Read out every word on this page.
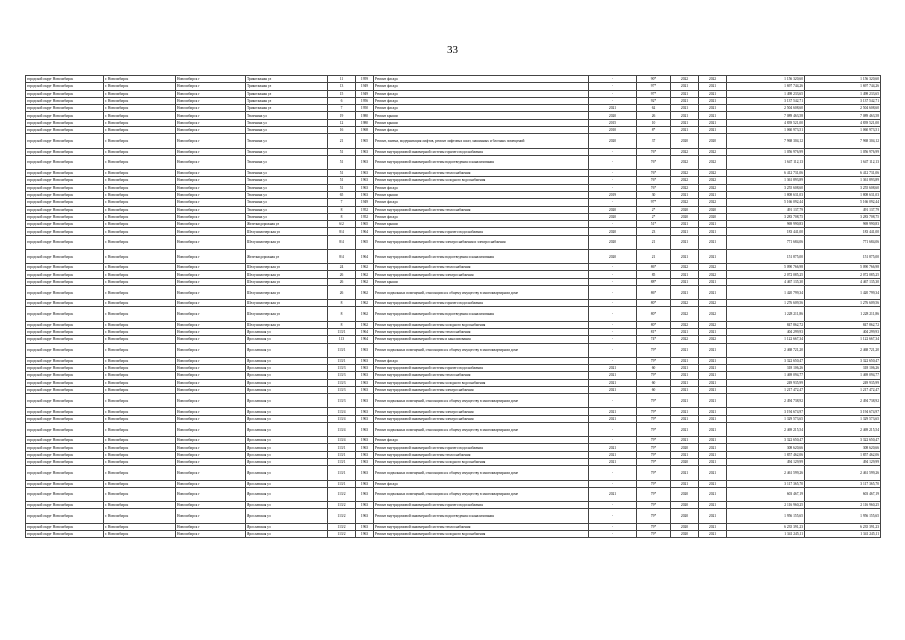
33
городской округ Новосибирск	г. Новосибирск	Новосибирск г	Трикотажная ул	11	1959	Ремонт фасада	-	90*	2022	2022	1 156 320,60	1 156 320,60
городской округ Новосибирск	г. Новосибирск	Новосибирск г	Трикотажная ул	13	1949	Ремонт фасада	-	97*	2021	2021	1 697 744,26	1 697 744,26
городской округ Новосибирск	г. Новосибирск	Новосибирск г	Трикотажная ул	15	1949	Ремонт фасада	-	97*	2021	2021	1 498 233,65	1 498 233,65
городской округ Новосибирск	г. Новосибирск	Новосибирск г	Трикотажная ул	6	1956	Ремонт фасада	-	92*	2021	2021	3 137 542,71	3 137 542,71
городской округ Новосибирск	г. Новосибирск	Новосибирск г	Трикотажная ул	7	1950	Ремонт фасада	2021	62	2021	2021	2 504 608,60	2 504 608,60
городской округ Новосибирск	г. Новосибирск	Новосибирск г	Тюленина ул	19	1980	Ремонт крыши	2020	26	2021	2021	7 089 463,58	7 089 463,58
городской округ Новосибирск	г. Новосибирск	Новосибирск г	Тюленина ул	12	1980	Ремонт крыши	2015	10	2021	2021	4 839 521,00	4 839 521,00
городской округ Новосибирск	г. Новосибирск	Новосибирск г	Тюленина ул	16	1968	Ремонт фасада	2010	8*	2021	2021	1 060 973,51	1 060 973,51
городской округ Новосибирск	г. Новосибирск	Новосибирск г	Тюленина ул	21	1965	Ремонт, замена, модернизация лифтов, ремонт лифтовых шахт, машинных и блочных помещений	2020	37	2020	2020	7 968 304,12	7 968 304,12
городской округ Новосибирск	г. Новосибирск	Новосибирск г	Тюленина ул	51	1963	Ремонт внутридомовой инженерной системы горячего водоснабжения	-	76*	2022	2022	1 056 976,99	1 056 976,99
городской округ Новосибирск	г. Новосибирск	Новосибирск г	Тюленина ул	51	1963	Ремонт внутридомовой инженерной системы водоотведения и канализования	-	76*	2022	2022	1 647 112,13	1 647 112,13
городской округ Новосибирск	г. Новосибирск	Новосибирск г	Тюленина ул	51	1963	Ремонт внутридомовой инженерной системы теплоснабжения	-	76*	2022	2022	6 412 731,06	6 412 731,06
городской округ Новосибирск	г. Новосибирск	Новосибирск г	Тюленина ул	51	1963	Ремонт внутридомовой инженерной системы холодного водоснабжения	-	76*	2022	2022	1 361 893,89	1 361 893,89
городской округ Новосибирск	г. Новосибирск	Новосибирск г	Тюленина ул	51	1963	Ремонт фасада	-	76*	2022	2022	3 255 608,60	3 255 608,60
городской округ Новосибирск	г. Новосибирск	Новосибирск г	Тюленина ул	65	1963	Ремонт крыши	2019	30	2021	2021	1 808 631,03	1 808 631,03
городской округ Новосибирск	г. Новосибирск	Новосибирск г	Тюленина ул	7	1949	Ремонт фасада	-	97*	2022	2022	5 166 092,44	5 166 092,44
городской округ Новосибирск	г. Новосибирск	Новосибирск г	Тюленина ул	8	1952	Ремонт внутридомовой инженерной системы теплоснабжения	2020	2*	2020	2020	491 137,79	491 137,79
городской округ Новосибирск	г. Новосибирск	Новосибирск г	Тюленина ул	8	1952	Ремонт фасада	2020	2*	2020	2020	3 283 708,75	3 283 708,75
городской округ Новосибирск	г. Новосибирск	Новосибирск г	Железнодорожная ул	6/2	1965	Ремонт крыши	-	51*	2021	2021	969 990,83	969 990,83
городской округ Новосибирск	г. Новосибирск	Новосибирск г	Шелушилочерская ул	8/4	1964	Ремонт внутридомовой инженерной системы горячего водоснабжения	2020	23	2021	2021	183 441,00	183 441,00
городской округ Новосибирск	г. Новосибирск	Новосибирск г	Шелушилочерская ул	8/4	1965	Ремонт внутридомовой инженерной системы электроснабжения и электроснабжения	2020	21	2021	2021	771 684,06	771 684,06
городской округ Новосибирск	г. Новосибирск	Новосибирск г	Железнодорожная ул	8/4	1964	Ремонт внутридомовой инженерной системы водоотведения и канализования	2020	21	2021	2021	151 875,00	151 875,00
городской округ Новосибирск	г. Новосибирск	Новосибирск г	Шелушилочерская ул	24	1962	Ремонт внутридомовой инженерной системы теплоснабжения	-	86*	2022	2022	5 090 766,98	5 090 766,98
городской округ Новосибирск	г. Новосибирск	Новосибирск г	Шелушилочерская ул	26	1962	Ремонт внутридомовой инженерной системы электроснабжения	-	85	2021	2022	2 072 085,25	2 072 085,25
городской округ Новосибирск	г. Новосибирск	Новосибирск г	Шелушилочерская ул	26	1962	Ремонт крыши	-	88*	2021	2021	4 467 135,30	4 467 135,30
городской округ Новосибирск	г. Новосибирск	Новосибирск г	Шелушилочерская ул	26	1962	Ремонт подвальных помещений, относящихся к общему имуществу в многоквартирном доме	-	86*	2021	2021	1 420 799,34	1 420 799,34
городской округ Новосибирск	г. Новосибирск	Новосибирск г	Шелушилочерская ул	8	1962	Ремонт внутридомовой инженерной системы горячего водоснабжения	-	80*	2022	2022	1 276 609,56	1 276 609,56
городской округ Новосибирск	г. Новосибирск	Новосибирск г	Шелушилочерская ул	8	1962	Ремонт внутридомовой инженерной системы водоотведения и канализования	-	80*	2022	2022	1 228 211,86	1 228 211,86
городской округ Новосибирск	г. Новосибирск	Новосибирск г	Шелушилочерская ул	8	1962	Ремонт внутридомовой инженерной системы холодного водоснабжения	-	80*	2022	2022	847 862,72	847 862,72
городской округ Новосибирск	г. Новосибирск	Новосибирск г	Ярославская ул	113/1	1964	Ремонт внутридомовой инженерной системы теплоснабжения	-	81*	2021	2021	404 299,93	404 299,93
городской округ Новосибирск	г. Новосибирск	Новосибирск г	Ярославская ул	113	1964	Ремонт внутридомовой инженерной системы и канализования	-	74*	2022	2022	1 122 667,34	1 122 667,34
городской округ Новосибирск	г. Новосибирск	Новосибирск г	Ярославская ул	113/1	1963	Ремонт подвальных помещений, относящихся к общему имуществу в многоквартирном доме	-	79*	2021	2021	2 468 721,20	2 468 721,20
городской округ Новосибирск	г. Новосибирск	Новосибирск г	Ярославская ул	113/1	1963	Ремонт фасада	-	79*	2021	2021	3 322 650,47	3 322 650,47
городской округ Новосибирск	г. Новосибирск	Новосибирск г	Ярославская ул	113/3	1963	Ремонт внутридомовой инженерной системы горячего водоснабжения	2021	60	2021	2021	318 106,26	318 106,26
городской округ Новосибирск	г. Новосибирск	Новосибирск г	Ярославская ул	113/3	1963	Ремонт внутридомовой инженерной системы теплоснабжения	2021	79*	2021	2021	1 469 094,77	1 469 094,77
городской округ Новосибирск	г. Новосибирск	Новосибирск г	Ярославская ул	113/3	1963	Ремонт внутридомовой инженерной системы холодного водоснабжения	2021	60	2021	2021	249 935,99	249 935,99
городской округ Новосибирск	г. Новосибирск	Новосибирск г	Ярославская ул	113/3	1963	Ремонт внутридомовой инженерной системы электроснабжения	2021	60	2021	2021	1 217 472,47	1 217 472,47
городской округ Новосибирск	г. Новосибирск	Новосибирск г	Ярославская ул	113/3	1963	Ремонт подвальных помещений, относящихся к общему имуществу в многоквартирном доме	-	79*	2021	2021	2 494 738,92	2 494 738,92
городской округ Новосибирск	г. Новосибирск	Новосибирск г	Ярославская ул	113/4	1963	Ремонт внутридомовой инженерной системы электроснабжения	2021	79*	2021	2021	3 194 674,97	3 194 674,97
городской округ Новосибирск	г. Новосибирск	Новосибирск г	Ярославская ул	113/4	1963	Ремонт внутридомовой инженерной системы электроснабжения	2021	79*	2021	2021	1 329 573,65	1 329 573,65
городской округ Новосибирск	г. Новосибирск	Новосибирск г	Ярославская ул	113/4	1963	Ремонт подвальных помещений, относящихся к общему имуществу в многоквартирном доме	-	79*	2021	2021	2 469 215,54	2 469 215,54
городской округ Новосибирск	г. Новосибирск	Новосибирск г	Ярославская ул	113/4	1963	Ремонт фасада	-	79*	2021	2021	3 322 650,47	3 322 650,47
городской округ Новосибирск	г. Новосибирск	Новосибирск г	Ярославская ул	113/1	1963	Ремонт внутридомовой инженерной системы горячего водоснабжения	2021	79*	2020	2021	308 620,66	308 620,66
городской округ Новосибирск	г. Новосибирск	Новосибирск г	Ярославская ул	113/1	1963	Ремонт внутридомовой инженерной системы теплоснабжения	2021	79*	2021	2021	1 857 462,06	1 857 462,06
городской округ Новосибирск	г. Новосибирск	Новосибирск г	Ярославская ул	113/1	1963	Ремонт внутридомовой инженерной системы холодного водоснабжения	2021	79*	2020	2021	494 129,99	494 129,99
городской округ Новосибирск	г. Новосибирск	Новосибирск г	Ярославская ул	113/1	1963	Ремонт подвальных помещений, относящихся к общему имуществу в многоквартирном доме	-	79*	2021	2021	2 461 599,26	2 461 599,26
городской округ Новосибирск	г. Новосибирск	Новосибирск г	Ярославская ул	113/1	1963	Ремонт фасада	-	79*	2021	2021	3 117 365,70	3 117 365,70
городской округ Новосибирск	г. Новосибирск	Новосибирск г	Ярославская ул	113/2	1963	Ремонт подвальных помещений, относящихся к общему имуществу в многоквартирном доме	2021	79*	2020	2021	603 467,19	603 467,19
городской округ Новосибирск	г. Новосибирск	Новосибирск г	Ярославская ул	113/2	1963	Ремонт внутридомовой инженерной системы горячего водоснабжения	-	79*	2020	2021	2 116 960,25	2 116 960,25
городской округ Новосибирск	г. Новосибирск	Новосибирск г	Ярославская ул	113/2	1963	Ремонт внутридомовой инженерной системы водоотведения и канализования	-	79*	2020	2021	1 956 155,65	1 956 155,65
городской округ Новосибирск	г. Новосибирск	Новосибирск г	Ярославская ул	113/2	1963	Ремонт внутридомовой инженерной системы теплоснабжения	-	79*	2020	2021	6 235 391,23	6 235 391,23
городской округ Новосибирск	г. Новосибирск	Новосибирск г	Ярославская ул	113/2	1963	Ремонт внутридомовой инженерной системы холодного водоснабжения	-	79*	2020	2021	1 341 245,11	1 341 245,11
